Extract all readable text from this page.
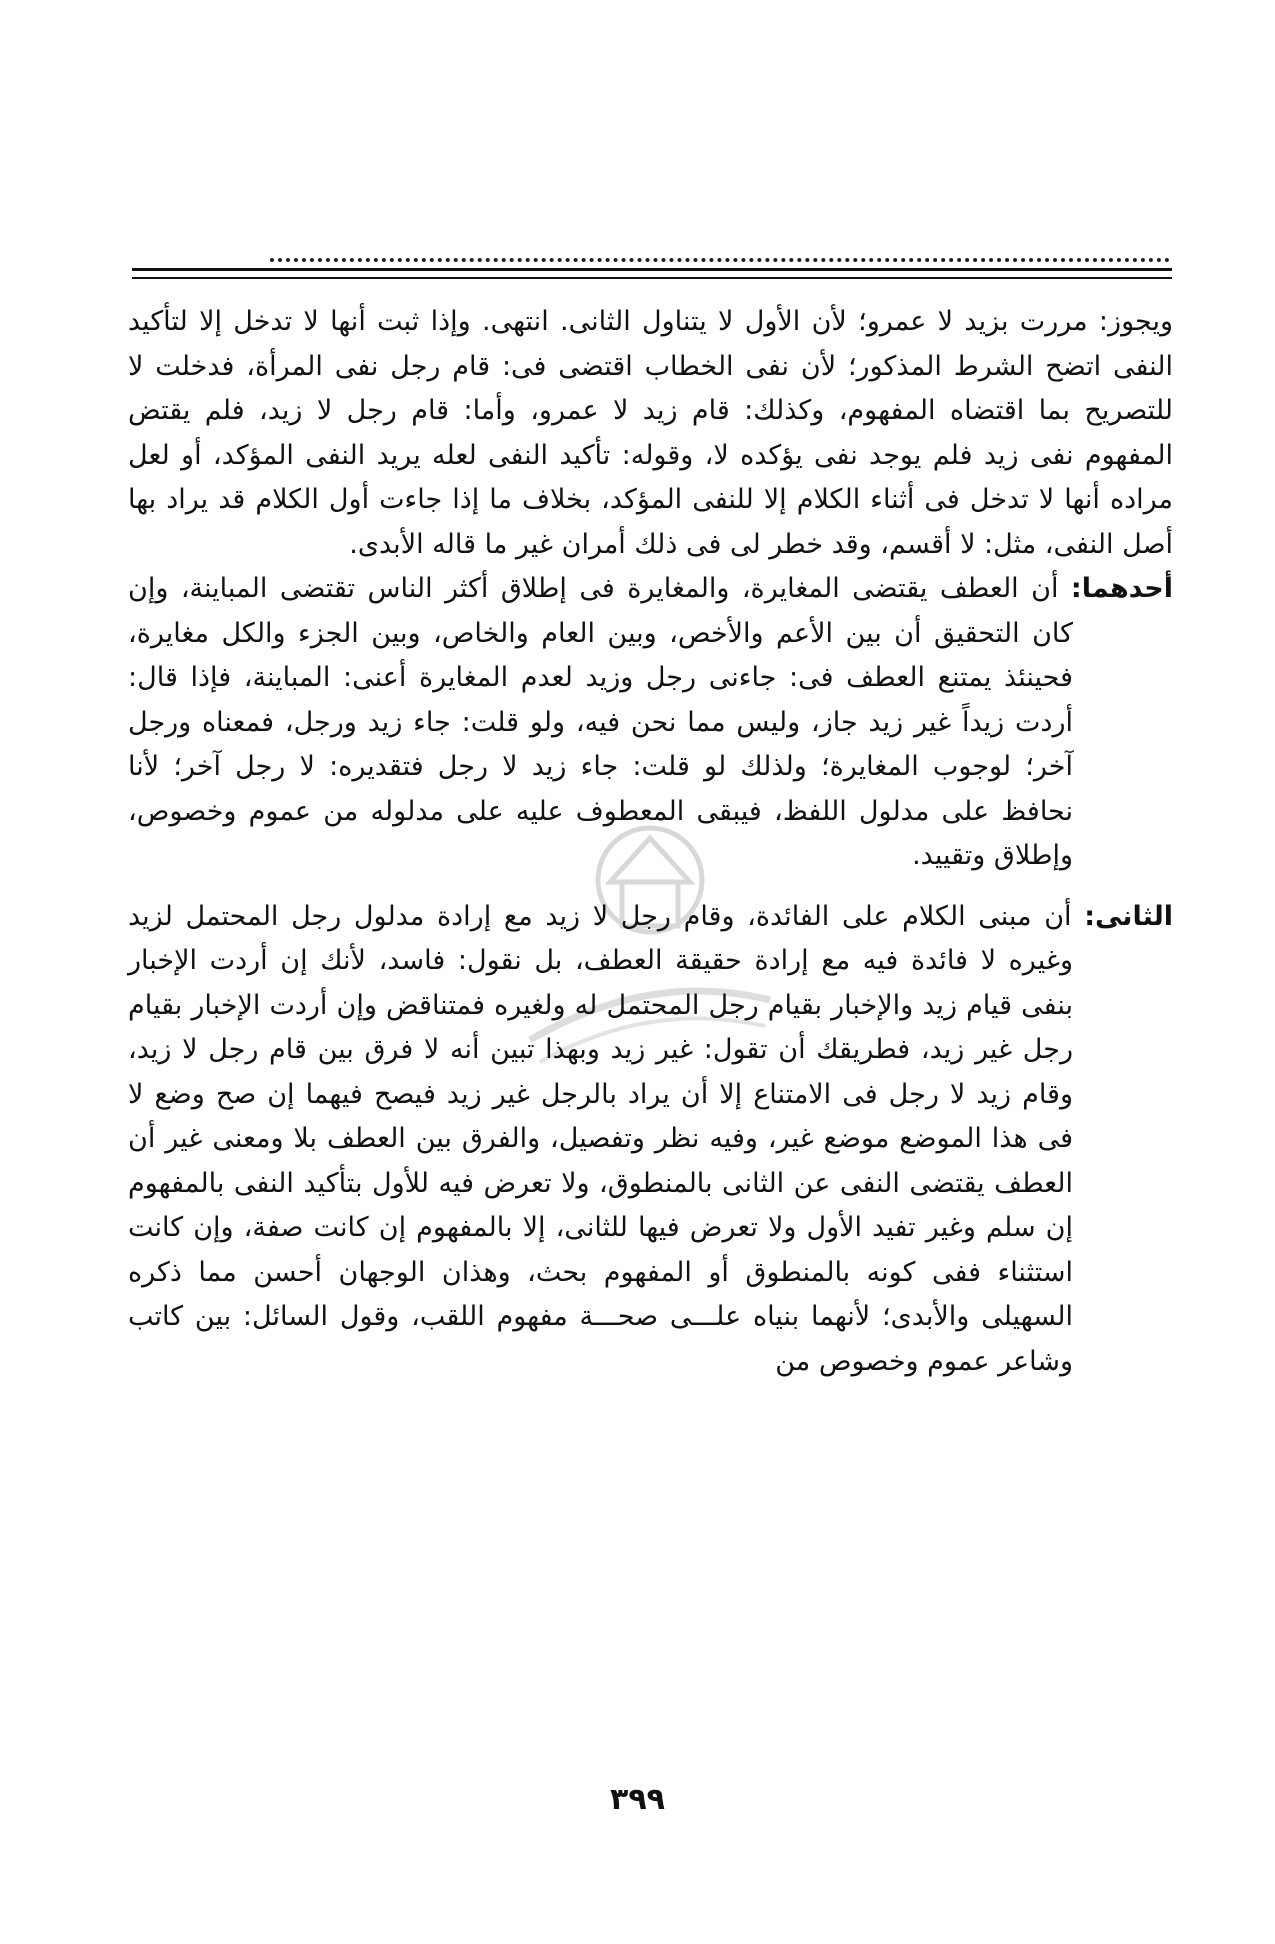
ويجوز: مررت بزيد لا عمرو؛ لأن الأول لا يتناول الثانى. انتهى. وإذا ثبت أنها لا تدخل إلا لتأكيد النفى اتضح الشرط المذكور؛ لأن نفى الخطاب اقتضى فى: قام رجل نفى المرأة، فدخلت لا للتصريح بما اقتضاه المفهوم، وكذلك: قام زيد لا عمرو، وأما: قام رجل لا زيد، فلم يقتض المفهوم نفى زيد فلم يوجد نفى يؤكده لا، وقوله: تأكيد النفى لعله يريد النفى المؤكد، أو لعل مراده أنها لا تدخل فى أثناء الكلام إلا للنفى المؤكد، بخلاف ما إذا جاءت أول الكلام قد يراد بها أصل النفى، مثل: لا أقسم، وقد خطر لى فى ذلك أمران غير ما قاله الأبدى.

أحدهما: أن العطف يقتضى المغايرة، والمغايرة فى إطلاق أكثر الناس تقتضى المباينة، وإن كان التحقيق أن بين الأعم والأخص، وبين العام والخاص، وبين الجزء والكل مغايرة، فحينئذ يمتنع العطف فى: جاءنى رجل وزيد لعدم المغايرة أعنى: المباينة، فإذا قال: أردت زيداً غير زيد جاز، وليس مما نحن فيه، ولو قلت: جاء زيد ورجل، فمعناه ورجل آخر؛ لوجوب المغايرة؛ ولذلك لو قلت: جاء زيد لا رجل فتقديره: لا رجل آخر؛ لأنا نحافظ على مدلول اللفظ، فيبقى المعطوف عليه على مدلوله من عموم وخصوص، وإطلاق وتقييد.

الثانى: أن مبنى الكلام على الفائدة، وقام رجل لا زيد مع إرادة مدلول رجل المحتمل لزيد وغيره لا فائدة فيه مع إرادة حقيقة العطف، بل نقول: فاسد، لأنك إن أردت الإخبار بنفى قيام زيد والإخبار بقيام رجل المحتمل له ولغيره فمتناقض وإن أردت الإخبار بقيام رجل غير زيد، فطريقك أن تقول: غير زيد وبهذا تبين أنه لا فرق بين قام رجل لا زيد، وقام زيد لا رجل فى الامتناع إلا أن يراد بالرجل غير زيد فيصح فيهما إن صح وضع لا فى هذا الموضع موضع غير، وفيه نظر وتفصيل، والفرق بين العطف بلا ومعنى غير أن العطف يقتضى النفى عن الثانى بالمنطوق، ولا تعرض فيه للأول بتأكيد النفى بالمفهوم إن سلم وغير تفيد الأول ولا تعرض فيها للثانى، إلا بالمفهوم إن كانت صفة، وإن كانت استثناء ففى كونه بالمنطوق أو المفهوم بحث، وهذان الوجهان أحسن مما ذكره السهيلى والأبدى؛ لأنهما بنياه علـــى صحـــة مفهوم اللقب، وقول السائل: بين كاتب وشاعر عموم وخصوص من

٣٩٩
